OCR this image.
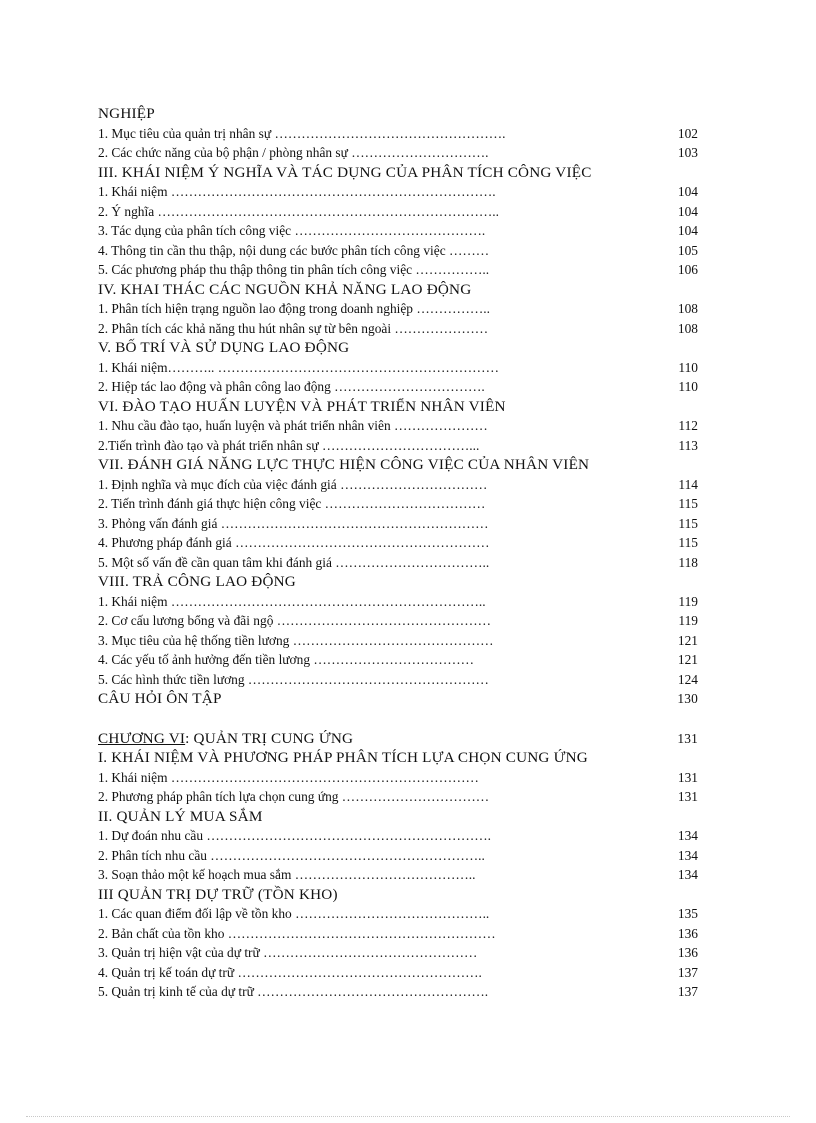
NGHIỆP
1. Mục tiêu của quản trị nhân sự …………………………………………….	102
2. Các chức năng của bộ phận / phòng nhân sự ………………………….	103
III. KHÁI NIỆM Ý NGHĨA VÀ TÁC DỤNG CỦA PHÂN TÍCH CÔNG VIỆC
1. Khái niệm ……………………………………………………………….	104
2. Ý nghĩa …………………………………………………………………..	104
3. Tác dụng của phân tích công việc …………………………………….	104
4. Thông tin cần thu thập, nội dung các bước phân tích công việc ………	105
5. Các phương pháp thu thập thông tin phân tích công việc ……………..	106
IV. KHAI THÁC CÁC NGUỒN KHẢ NĂNG LAO ĐỘNG
1. Phân tích hiện trạng nguồn lao động trong doanh nghiệp ……………..	108
2. Phân tích các khả năng thu hút nhân sự từ bên ngoài …………………	108
V. BỐ TRÍ VÀ SỬ DỤNG LAO ĐỘNG
1. Khái niệm……….. ………………………………………………………	110
2. Hiệp tác lao động và phân công lao động …………………………….	110
VI. ĐÀO TẠO HUẤN LUYỆN VÀ PHÁT TRIỂN NHÂN VIÊN
1. Nhu cầu đào tạo, huấn luyện và phát triển nhân viên …………………	112
2.Tiến trình đào tạo và phát triển nhân sự ……………………………...	113
VII. ĐÁNH GIÁ NĂNG LỰC THỰC HIỆN CÔNG VIỆC CỦA NHÂN VIÊN
1. Định nghĩa và mục đích của việc đánh giá ……………………………	114
2. Tiến trình đánh giá thực hiện công việc ………………………………	115
3. Phỏng vấn đánh giá ……………………………………………………	115
4. Phương pháp đánh giá …………………………………………………	115
5. Một số vấn đề cần quan tâm khi đánh giá ……………………………..	118
VIII. TRẢ CÔNG LAO ĐỘNG
1. Khái niệm ……………………………………………………………..	119
2. Cơ cấu lương bổng và đãi ngộ …………………………………………	119
3. Mục tiêu của hệ thống tiền lương ………………………………………	121
4. Các yếu tố ảnh hưởng đến tiền lương ………………………………	121
5. Các hình thức tiền lương ………………………………………………	124
CÂU HỎI ÔN TẬP	130
CHƯƠNG VI: QUẢN TRỊ CUNG ỨNG	131
I. KHÁI NIỆM VÀ PHƯƠNG PHÁP PHÂN TÍCH LỰA CHỌN CUNG ỨNG
1. Khái niệm ……………………………………………………………	131
2. Phương pháp phân tích lựa chọn cung ứng ……………………………	131
II. QUẢN LÝ MUA SẮM
1. Dự đoán nhu cầu ……………………………………………………….	134
2. Phân tích nhu cầu ……………………………………………………..	134
3. Soạn thảo một kế hoạch mua sắm …………………………………..	134
III QUẢN TRỊ DỰ TRỮ (TỒN KHO)
1. Các quan điểm đối lập về tồn kho ……………………………………..	135
2. Bản chất của tồn kho ……………………………………………………	136
3. Quản trị hiện vật của dự trữ …………………………………………	136
4. Quản trị kế toán dự trữ ……………………………………………….	137
5. Quản trị kinh tế của dự trữ …………………………………………….	137
